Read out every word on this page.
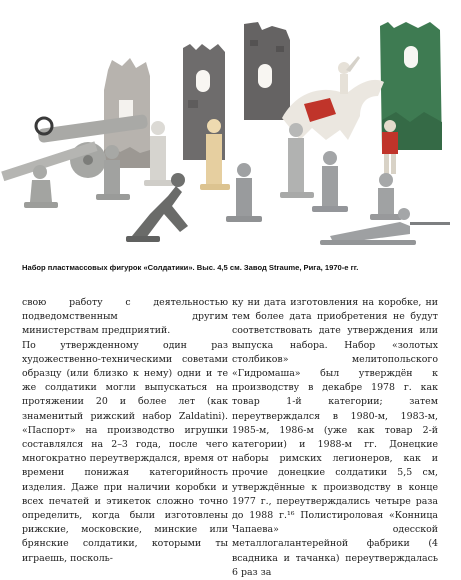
Набор пластмассовых фигурок «Солдатики». Выс. 4,5 см. Завод Straume, Рига, 1970-е гг.

свою работу с деятельностью подведомственным другим министерствам предприятий.

По утвержденному один раз художественно-техническими советами образцу (или близко к нему) одни и те же солдатики могли выпускаться на протяжении 20 и более лет (как знаменитый рижский набор Zaldatini). «Паспорт» на производство игрушки составлялся на 2–3 года, после чего многократно переутверждался, время от времени понижая категорийность изделия. Даже при наличии коробки и всех печатей и этикеток сложно точно определить, когда были изготовлены рижские, московские, минские или брянские солдатики, которыми ты играешь, посколь-

ку ни дата изготовления на коробке, ни тем более дата приобретения не будут соответствовать дате утверждения или выпуска набора. Набор «золотых столбиков» мелитопольского «Гидромаша» был утверждён к производству в декабре 1978 г. как товар 1-й категории; затем переутверждался в 1980-м, 1983-м, 1985-м, 1986-м (уже как товар 2-й категории) и 1988-м гг. Донецкие наборы римских легионеров, как и прочие донецкие солдатики 5,5 см, утверждённые к производству в конце 1977 г., переутверждались четыре раза до 1988 г.¹⁶ Полистироловая «Конница Чапаева» одесской металлогалантерейной фабрики (4 всадника и тачанка) переутверждалась 6 раз за
